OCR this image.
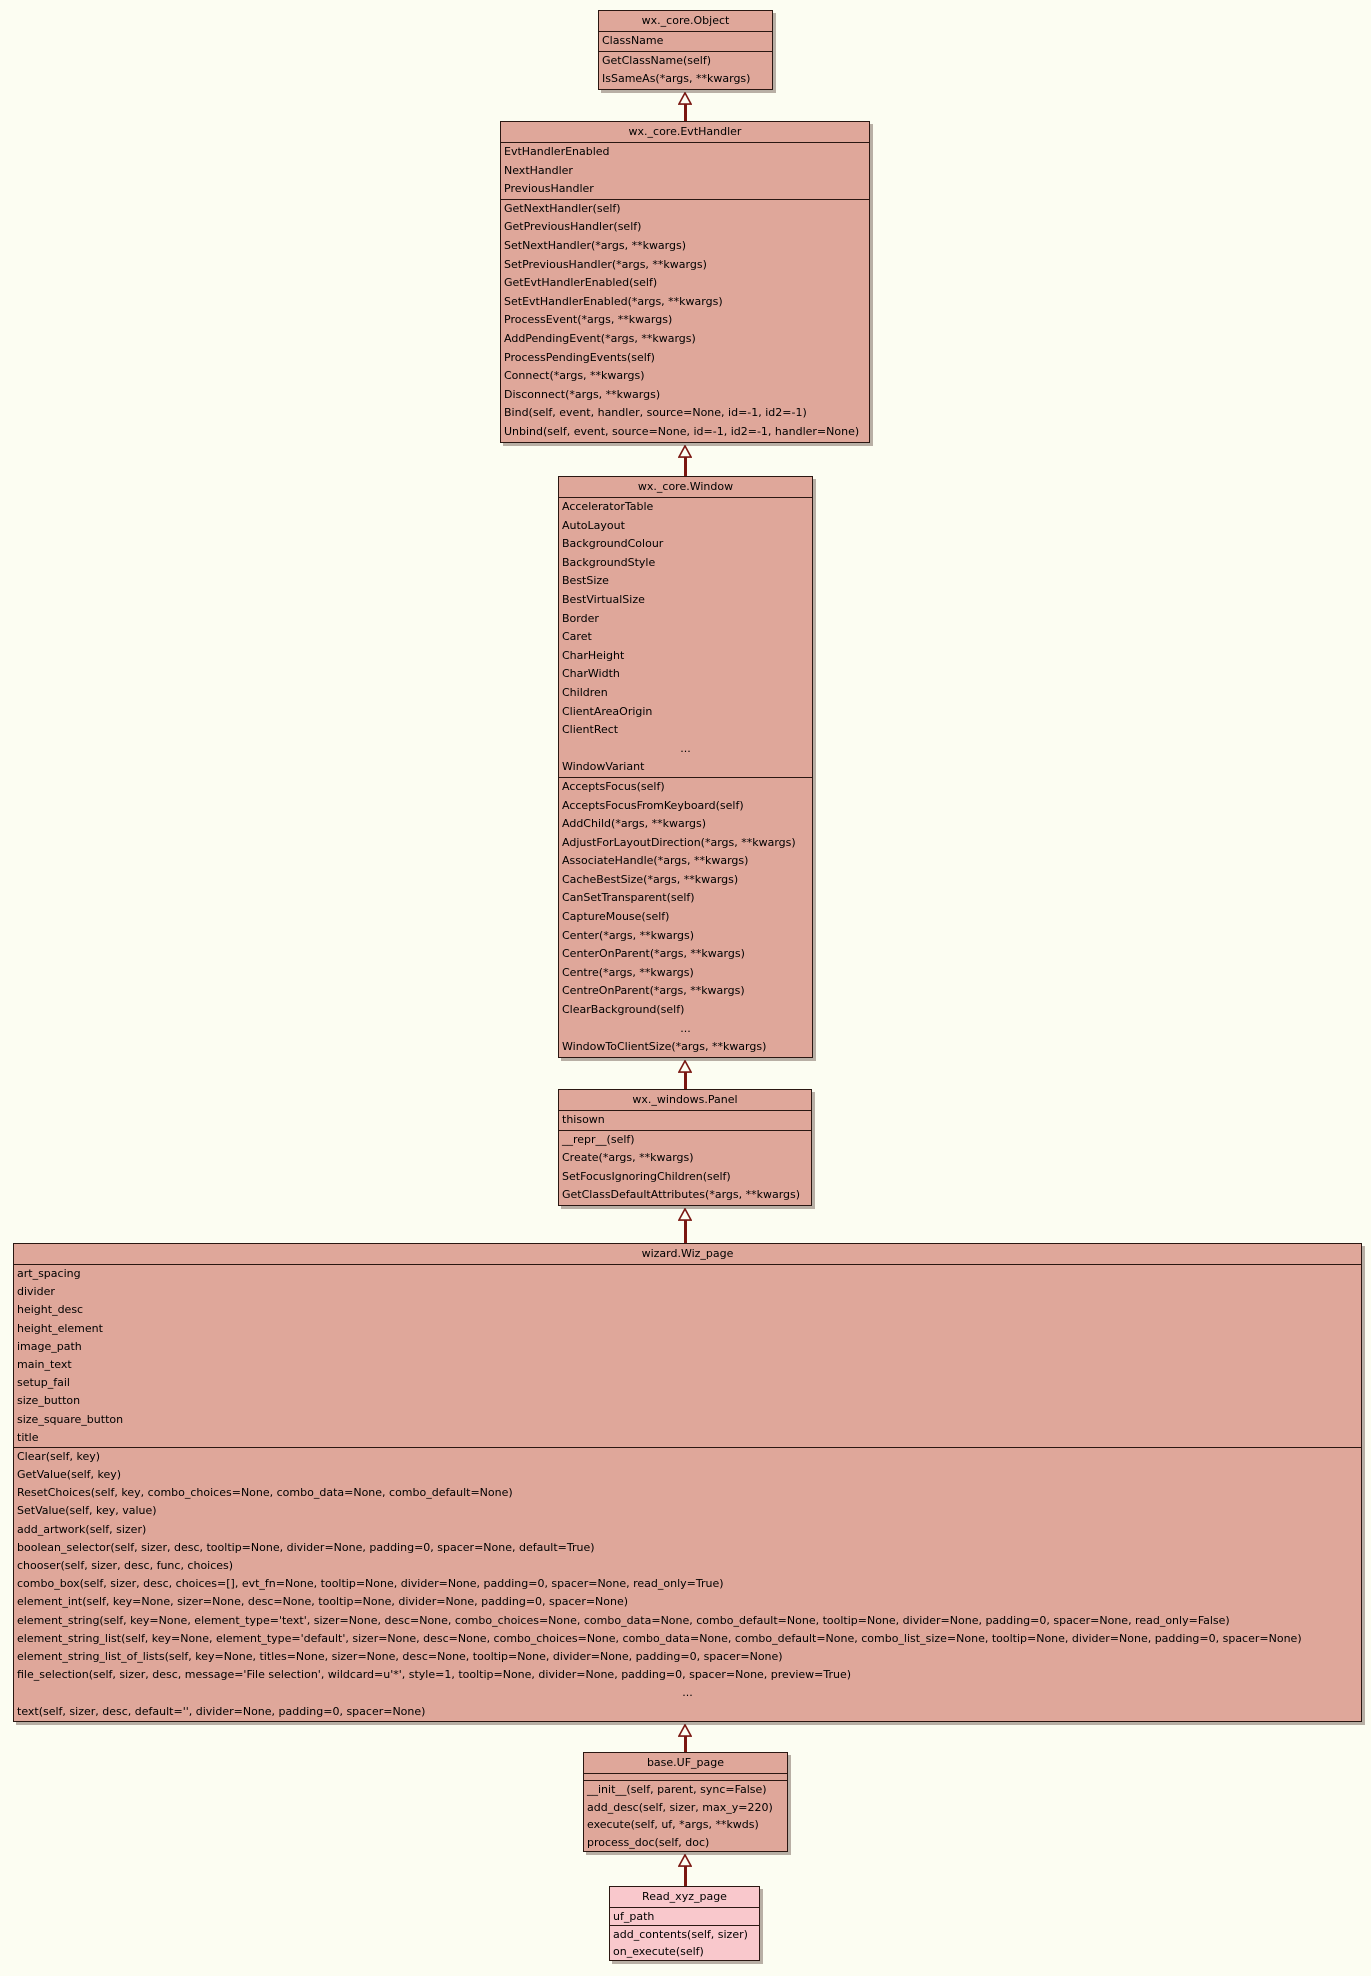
wx._core.Object
ClassName
GetClassName(self)
IsSameAs(*args, **kwargs)
wx._core.EvtHandler
EvtHandlerEnabled
NextHandler
PreviousHandler
GetNextHandler(self)
GetPreviousHandler(self)
SetNextHandler(*args, **kwargs)
SetPreviousHandler(*args, **kwargs)
GetEvtHandlerEnabled(self)
SetEvtHandlerEnabled(*args, **kwargs)
ProcessEvent(*args, **kwargs)
AddPendingEvent(*args, **kwargs)
ProcessPendingEvents(self)
Connect(*args, **kwargs)
Disconnect(*args, **kwargs)
Bind(self, event, handler, source=None, id=-1, id2=-1)
Unbind(self, event, source=None, id=-1, id2=-1, handler=None)
wx._core.Window
AcceleratorTable
AutoLayout
BackgroundColour
BackgroundStyle
BestSize
BestVirtualSize
Border
Caret
CharHeight
CharWidth
Children
ClientAreaOrigin
ClientRect
...
WindowVariant
AcceptsFocus(self)
AcceptsFocusFromKeyboard(self)
AddChild(*args, **kwargs)
AdjustForLayoutDirection(*args, **kwargs)
AssociateHandle(*args, **kwargs)
CacheBestSize(*args, **kwargs)
CanSetTransparent(self)
CaptureMouse(self)
Center(*args, **kwargs)
CenterOnParent(*args, **kwargs)
Centre(*args, **kwargs)
CentreOnParent(*args, **kwargs)
ClearBackground(self)
...
WindowToClientSize(*args, **kwargs)
wx._windows.Panel
thisown
__repr__(self)
Create(*args, **kwargs)
SetFocusIgnoringChildren(self)
GetClassDefaultAttributes(*args, **kwargs)
wizard.Wiz_page
art_spacing
divider
height_desc
height_element
image_path
main_text
setup_fail
size_button
size_square_button
title
Clear(self, key)
GetValue(self, key)
ResetChoices(self, key, combo_choices=None, combo_data=None, combo_default=None)
SetValue(self, key, value)
add_artwork(self, sizer)
boolean_selector(self, sizer, desc, tooltip=None, divider=None, padding=0, spacer=None, default=True)
chooser(self, sizer, desc, func, choices)
combo_box(self, sizer, desc, choices=[], evt_fn=None, tooltip=None, divider=None, padding=0, spacer=None, read_only=True)
element_int(self, key=None, sizer=None, desc=None, tooltip=None, divider=None, padding=0, spacer=None)
element_string(self, key=None, element_type='text', sizer=None, desc=None, combo_choices=None, combo_data=None, combo_default=None, tooltip=None, divider=None, padding=0, spacer=None, read_only=False)
element_string_list(self, key=None, element_type='default', sizer=None, desc=None, combo_choices=None, combo_data=None, combo_default=None, combo_list_size=None, tooltip=None, divider=None, padding=0, spacer=None)
element_string_list_of_lists(self, key=None, titles=None, sizer=None, desc=None, tooltip=None, divider=None, padding=0, spacer=None)
file_selection(self, sizer, desc, message='File selection', wildcard=u'*', style=1, tooltip=None, divider=None, padding=0, spacer=None, preview=True)
...
text(self, sizer, desc, default='', divider=None, padding=0, spacer=None)
base.UF_page
__init__(self, parent, sync=False)
add_desc(self, sizer, max_y=220)
execute(self, uf, *args, **kwds)
process_doc(self, doc)
Read_xyz_page
uf_path
add_contents(self, sizer)
on_execute(self)
